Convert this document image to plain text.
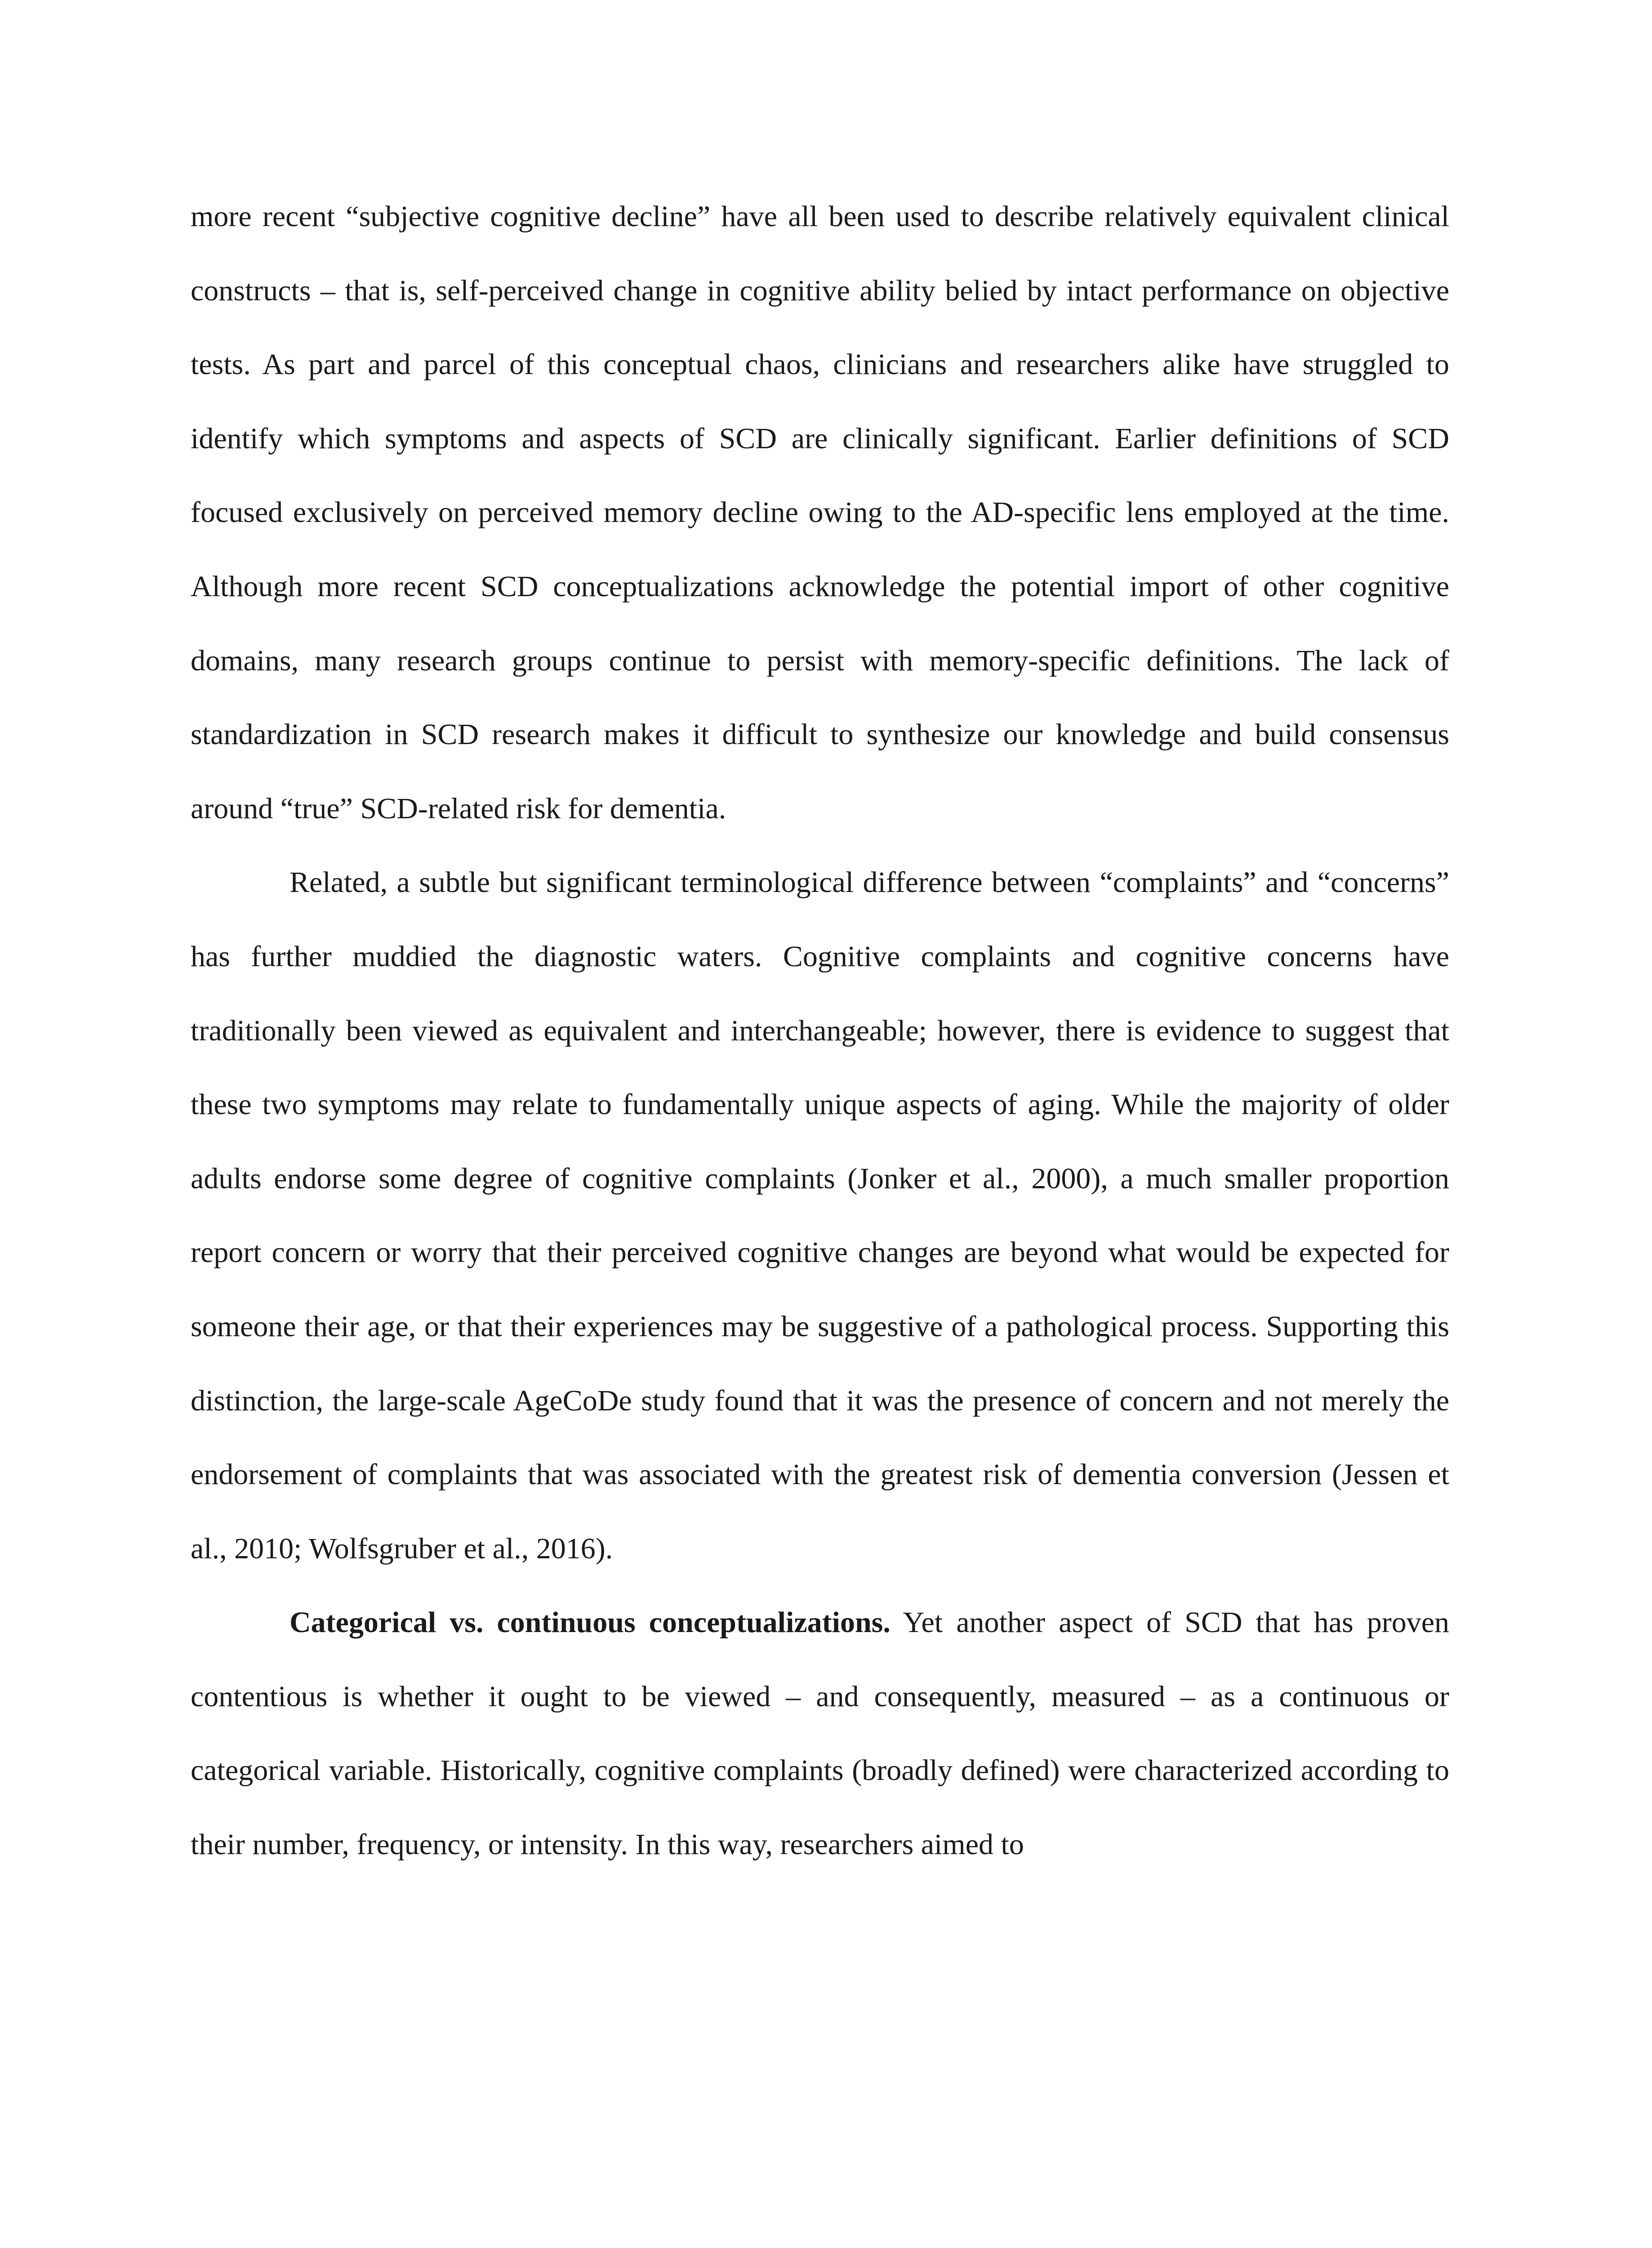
more recent “subjective cognitive decline” have all been used to describe relatively equivalent clinical constructs – that is, self-perceived change in cognitive ability belied by intact performance on objective tests. As part and parcel of this conceptual chaos, clinicians and researchers alike have struggled to identify which symptoms and aspects of SCD are clinically significant. Earlier definitions of SCD focused exclusively on perceived memory decline owing to the AD-specific lens employed at the time. Although more recent SCD conceptualizations acknowledge the potential import of other cognitive domains, many research groups continue to persist with memory-specific definitions. The lack of standardization in SCD research makes it difficult to synthesize our knowledge and build consensus around “true” SCD-related risk for dementia.

Related, a subtle but significant terminological difference between “complaints” and “concerns” has further muddied the diagnostic waters. Cognitive complaints and cognitive concerns have traditionally been viewed as equivalent and interchangeable; however, there is evidence to suggest that these two symptoms may relate to fundamentally unique aspects of aging. While the majority of older adults endorse some degree of cognitive complaints (Jonker et al., 2000), a much smaller proportion report concern or worry that their perceived cognitive changes are beyond what would be expected for someone their age, or that their experiences may be suggestive of a pathological process. Supporting this distinction, the large-scale AgeCoDe study found that it was the presence of concern and not merely the endorsement of complaints that was associated with the greatest risk of dementia conversion (Jessen et al., 2010; Wolfsgruber et al., 2016).

Categorical vs. continuous conceptualizations. Yet another aspect of SCD that has proven contentious is whether it ought to be viewed – and consequently, measured – as a continuous or categorical variable. Historically, cognitive complaints (broadly defined) were characterized according to their number, frequency, or intensity. In this way, researchers aimed to
